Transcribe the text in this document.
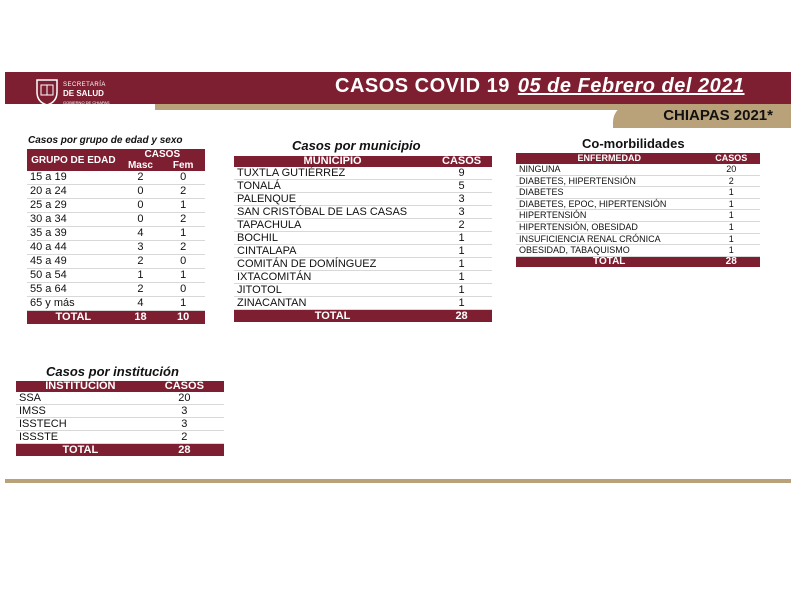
SECRETARÍA
DE SALUD
GOBIERNO DE CHIAPAS
CASOS COVID 19 05 de Febrero del 2021
CHIAPAS 2021*
Casos por grupo de edad y sexo
GRUPO DE EDAD	CASOS	
	Masc	Fem
15 a 19	2	0
20 a 24	0	2
25 a 29	0	1
30 a 34	0	2
35 a 39	4	1
40 a 44	3	2
45 a 49	2	0
50 a 54	1	1
55 a 64	2	0
65 y más	4	1
TOTAL	18	10
Casos por municipio
MUNICIPIO	CASOS
TUXTLA GUTIÉRREZ	9
TONALÁ	5
PALENQUE	3
SAN CRISTÓBAL DE LAS CASAS	3
TAPACHULA	2
BOCHIL	1
CINTALAPA	1
COMITÁN DE DOMÍNGUEZ	1
IXTACOMITÁN	1
JITOTOL	1
ZINACANTAN	1
TOTAL	28
Co-morbilidades
ENFERMEDAD	CASOS
NINGUNA	20
DIABETES, HIPERTENSIÓN	2
DIABETES	1
DIABETES, EPOC, HIPERTENSIÓN	1
HIPERTENSIÓN	1
HIPERTENSIÓN, OBESIDAD	1
INSUFICIENCIA RENAL CRÓNICA	1
OBESIDAD, TABAQUISMO	1
TOTAL	28
Casos por institución
INSTITUCIÓN	CASOS
SSA	20
IMSS	3
ISSTECH	3
ISSSTE	2
TOTAL	28
